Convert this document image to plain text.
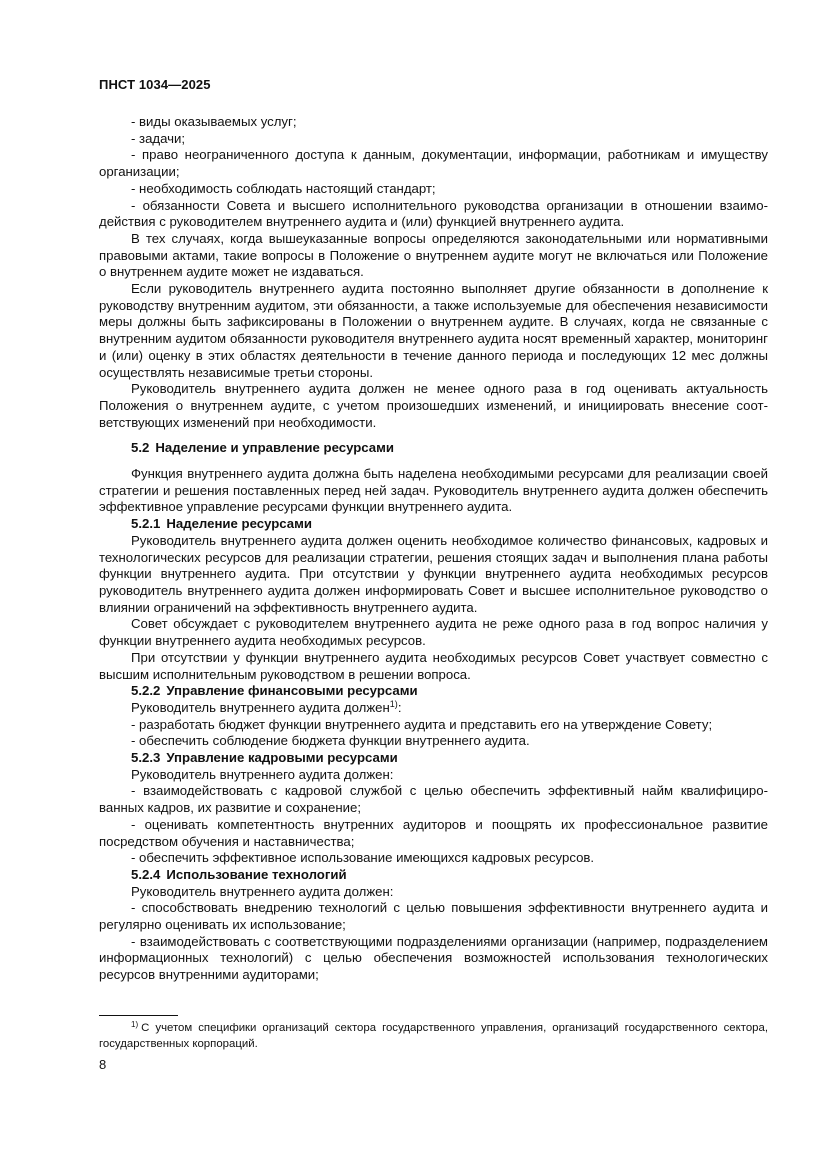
ПНСТ 1034—2025

- виды оказываемых услуг;

- задачи;

- право неограниченного доступа к данным, документации, информации, работникам и имуществу организации;

- необходимость соблюдать настоящий стандарт;

- обязанности Совета и высшего исполнительного руководства организации в отношении взаимодействия с руководителем внутреннего аудита и (или) функцией внутреннего аудита.

В тех случаях, когда вышеуказанные вопросы определяются законодательными или нормативными правовыми актами, такие вопросы в Положение о внутреннем аудите могут не включаться или Положение о внутреннем аудите может не издаваться.

Если руководитель внутреннего аудита постоянно выполняет другие обязанности в дополнение к руководству внутренним аудитом, эти обязанности, а также используемые для обеспечения независимости меры должны быть зафиксированы в Положении о внутреннем аудите. В случаях, когда не связанные с внутренним аудитом обязанности руководителя внутреннего аудита носят временный характер, мониторинг и (или) оценку в этих областях деятельности в течение данного периода и последующих 12 мес должны осуществлять независимые третьи стороны.

Руководитель внутреннего аудита должен не менее одного раза в год оценивать актуальность Положения о внутреннем аудите, с учетом произошедших изменений, и инициировать внесение соответствующих изменений при необходимости.

5.2 Наделение и управление ресурсами

Функция внутреннего аудита должна быть наделена необходимыми ресурсами для реализации своей стратегии и решения поставленных перед ней задач. Руководитель внутреннего аудита должен обеспечить эффективное управление ресурсами функции внутреннего аудита.

5.2.1 Наделение ресурсами

Руководитель внутреннего аудита должен оценить необходимое количество финансовых, кадровых и технологических ресурсов для реализации стратегии, решения стоящих задач и выполнения плана работы функции внутреннего аудита. При отсутствии у функции внутреннего аудита необходимых ресурсов руководитель внутреннего аудита должен информировать Совет и высшее исполнительное руководство о влиянии ограничений на эффективность внутреннего аудита.

Совет обсуждает с руководителем внутреннего аудита не реже одного раза в год вопрос наличия у функции внутреннего аудита необходимых ресурсов.

При отсутствии у функции внутреннего аудита необходимых ресурсов Совет участвует совместно с высшим исполнительным руководством в решении вопроса.

5.2.2 Управление финансовыми ресурсами

Руководитель внутреннего аудита должен$^{1)}$:

- разработать бюджет функции внутреннего аудита и представить его на утверждение Совету;

- обеспечить соблюдение бюджета функции внутреннего аудита.

5.2.3 Управление кадровыми ресурсами

Руководитель внутреннего аудита должен:

- взаимодействовать с кадровой службой с целью обеспечить эффективный найм квалифицированных кадров, их развитие и сохранение;

- оценивать компетентность внутренних аудиторов и поощрять их профессиональное развитие посредством обучения и наставничества;

- обеспечить эффективное использование имеющихся кадровых ресурсов.

5.2.4 Использование технологий

Руководитель внутреннего аудита должен:

- способствовать внедрению технологий с целью повышения эффективности внутреннего аудита и регулярно оценивать их использование;

- взаимодействовать с соответствующими подразделениями организации (например, подразделением информационных технологий) с целью обеспечения возможностей использования технологических ресурсов внутренними аудиторами;

$^{1)}$ С учетом специфики организаций сектора государственного управления, организаций государственного сектора, государственных корпораций.
8
